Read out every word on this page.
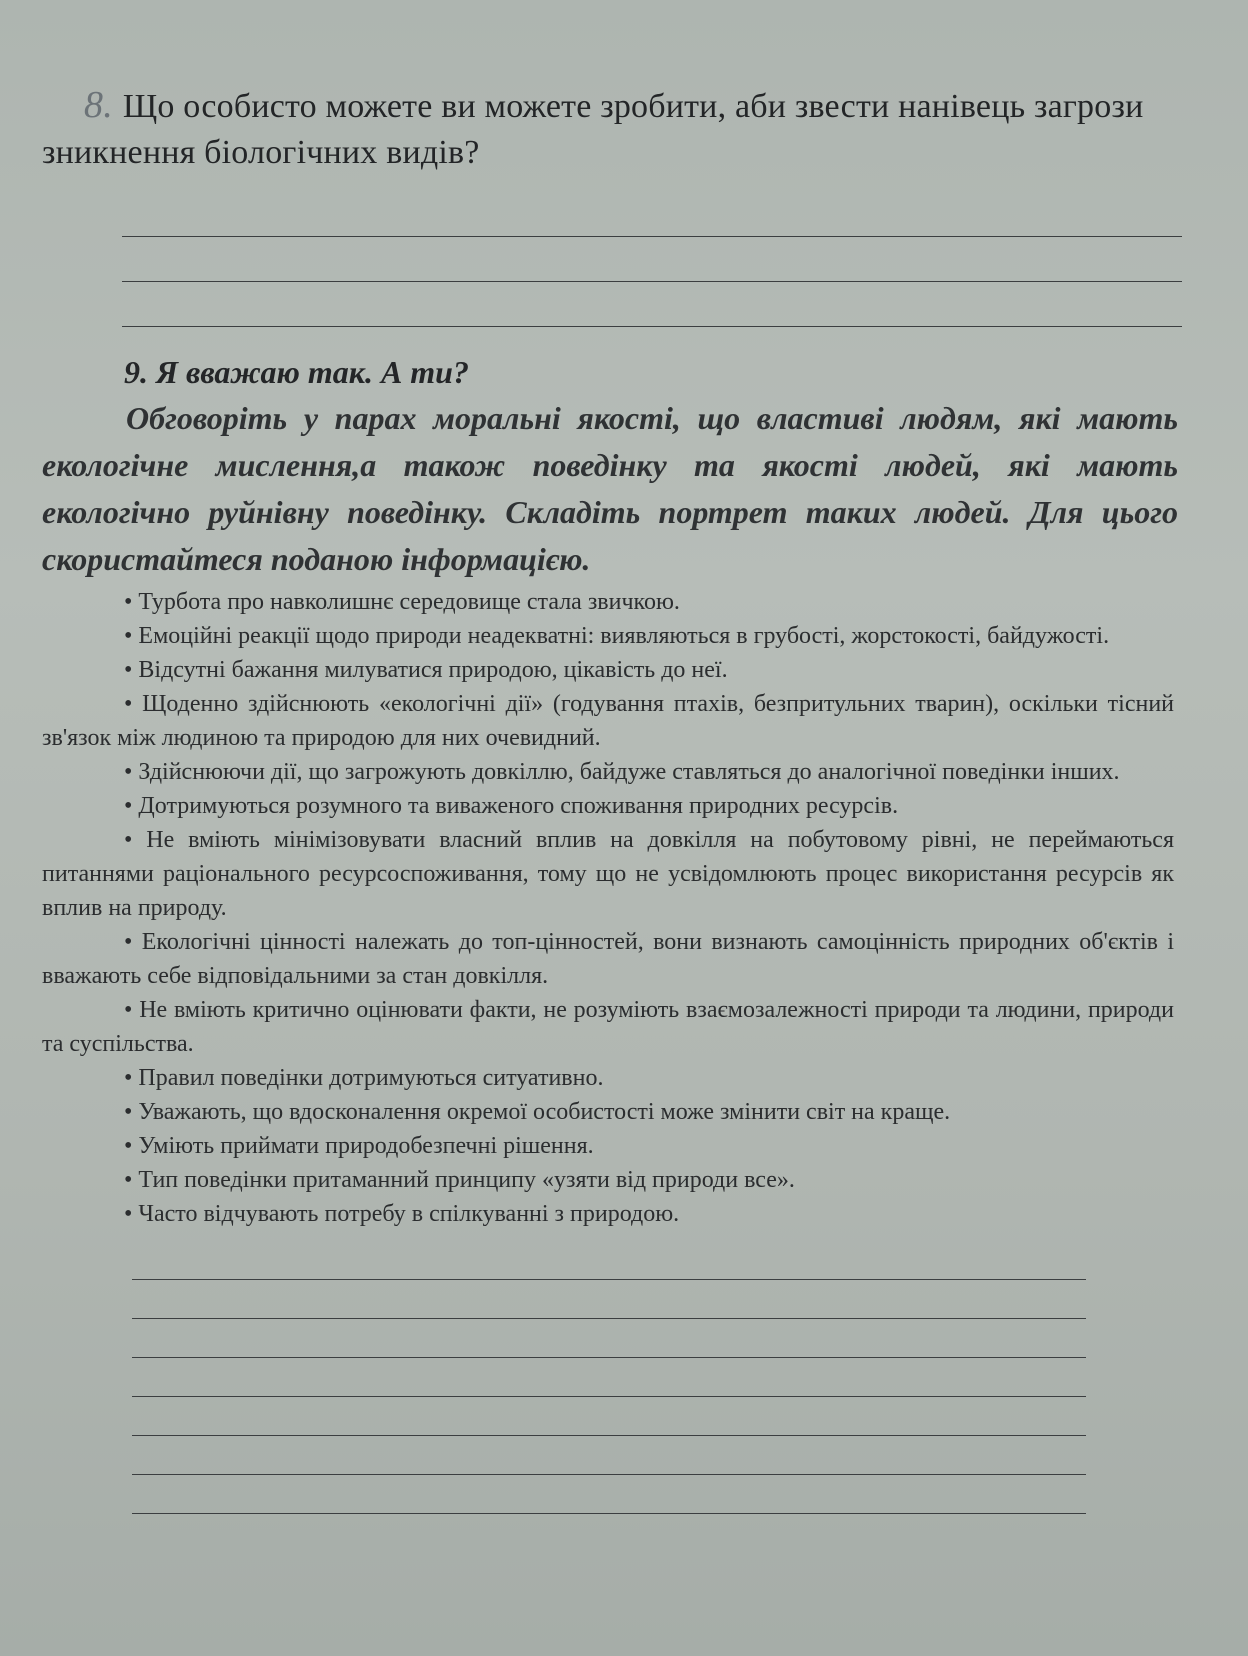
8. Що особисто можете ви можете зробити, аби звести нанівець загрози зникнення біологічних видів?
9. Я вважаю так. А ти?
Обговоріть у парах моральні якості, що властиві людям, які мають екологічне мислення,а також поведінку та якості людей, які мають екологічно руйнівну поведінку. Складіть портрет таких людей. Для цього скористайтеся поданою інформацією.
• Турбота про навколишнє середовище стала звичкою.
• Емоційні реакції щодо природи неадекватні: виявляються в грубості, жорстокості, байдужості.
• Відсутні бажання милуватися природою, цікавість до неї.
• Щоденно здійснюють «екологічні дії» (годування птахів, безпритульних тварин), оскільки тісний зв'язок між людиною та природою для них очевидний.
• Здійснюючи дії, що загрожують довкіллю, байдуже ставляться до аналогічної поведінки інших.
• Дотримуються розумного та виваженого споживання природних ресурсів.
• Не вміють мінімізовувати власний вплив на довкілля на побутовому рівні, не переймаються питаннями раціонального ресурсоспоживання, тому що не усвідомлюють процес використання ресурсів як вплив на природу.
• Екологічні цінності належать до топ-цінностей, вони визнають самоцінність природних об'єктів і вважають себе відповідальними за стан довкілля.
• Не вміють критично оцінювати факти, не розуміють взаємозалежності природи та людини, природи та суспільства.
• Правил поведінки дотримуються ситуативно.
• Уважають, що вдосконалення окремої особистості може змінити світ на краще.
• Уміють приймати природобезпечні рішення.
• Тип поведінки притаманний принципу «узяти від природи все».
• Часто відчувають потребу в спілкуванні з природою.
